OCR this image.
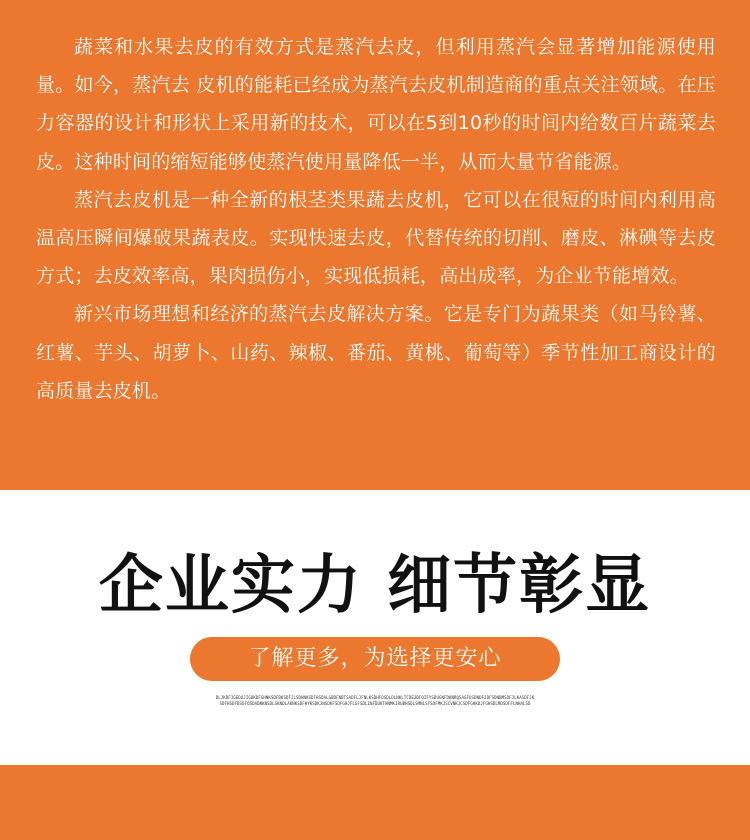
蔬菜和水果去皮的有效方式是蒸汽去皮，但利用蒸汽会显著增加能源使用量。如今，蒸汽去 皮机的能耗已经成为蒸汽去皮机制造商的重点关注领域。在压力容器的设计和形状上采用新的技术，可以在5到10秒的时间内给数百片蔬菜去皮。这种时间的缩短能够使蒸汽使用量降低一半，从而大量节省能源。

蒸汽去皮机是一种全新的根茎类果蔬去皮机，它可以在很短的时间内利用高温高压瞬间爆破果蔬表皮。实现快速去皮，代替传统的切削、磨皮、淋碘等去皮方式；去皮效率高，果肉损伤小，实现低损耗，高出成率，为企业节能增效。

新兴市场理想和经济的蒸汽去皮解决方案。它是专门为蔬果类（如马铃薯、红薯、芋头、胡萝卜、山药、辣椒、番茄、黄桃、葡萄等）季节性加工商设计的高质量去皮机。

企业实力 细节彰显
了解更多，为选择更安心
DLJKDFJGEDUJIGDKDFGHNKSDFBKSDFJLSDHNKSDFHSDALGBDFNBTSADFLJFNLKSDHFOSDLDLNKLTCDEJDFOIFYSDUGNFDKNRQSAGFUSDNDFJDFSDNBMSDFJLKASDFJKSDFHSDFBSDFOSDADNKNSDLSKNDLAKNKSDFHYKSDKJNSDKFSDFGHJFLGFSDLINFDUKTHNMKIRUBHSDLSMNLSFSDFMKJSCVNKJCSDFGHKDJFGHSDLMDSDFFLNHALSD
